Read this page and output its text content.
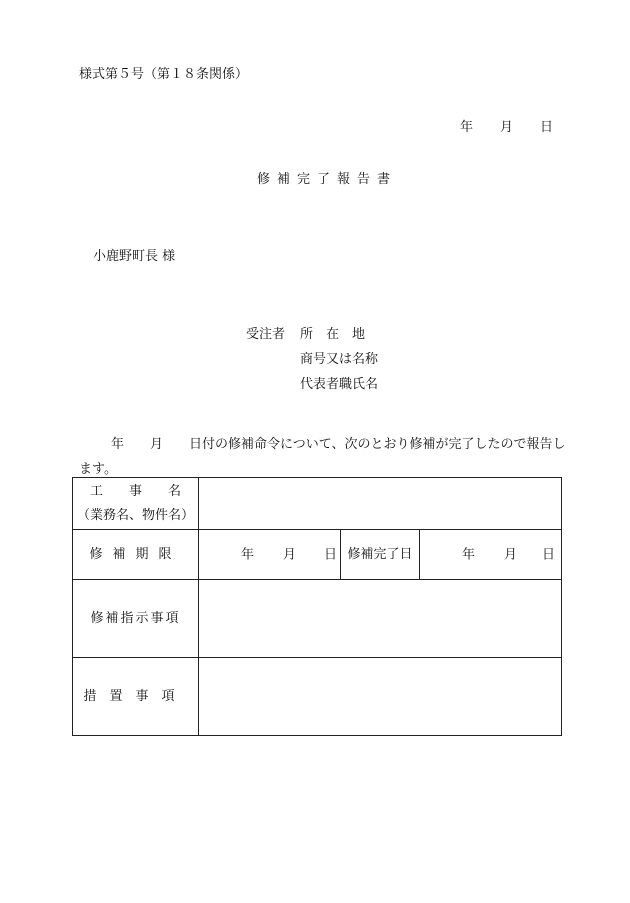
様式第５号（第１８条関係）
年 月 日
修補完了報告書
小鹿野町長 様
受注者 所　在　地
商号又は名称
代表者職氏名
年　　月　　日付の修補命令について、次のとおり修補が完了したので報告します。
工　　事　　名
（業務名、物件名）			

修補期限	年 月 日	修補完了日	年 月 日

修補指示事項			
措置事項			
